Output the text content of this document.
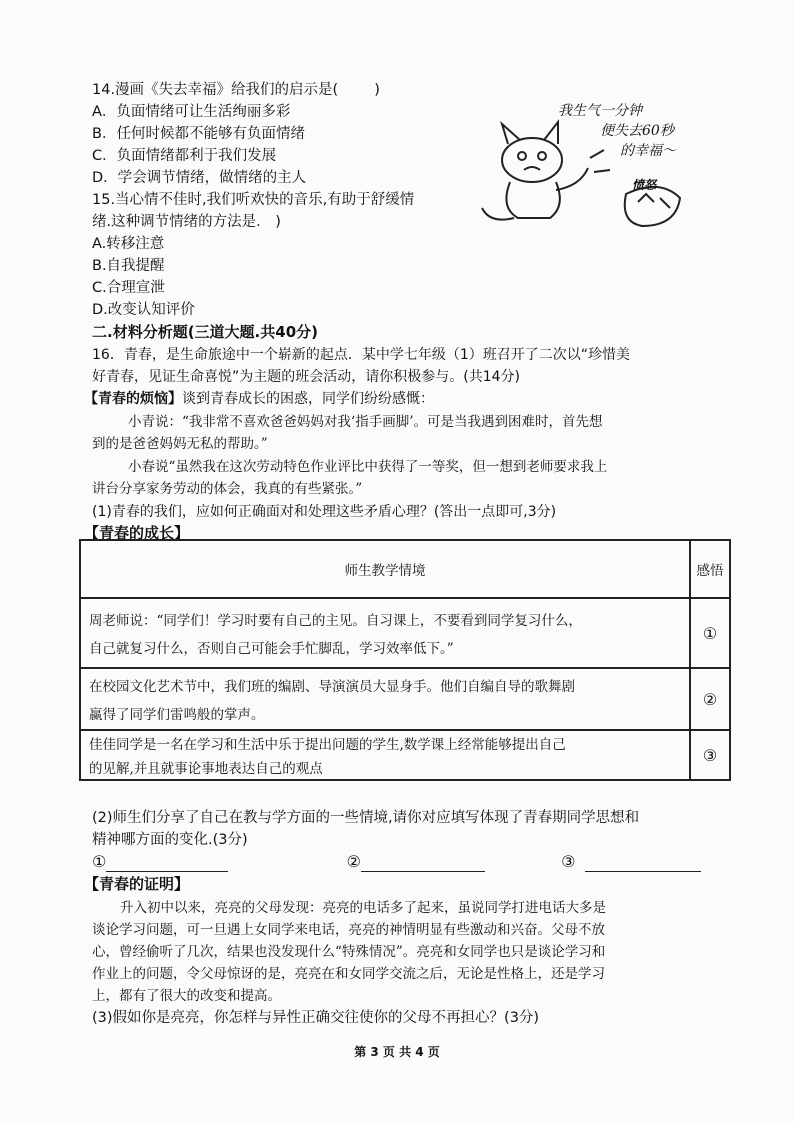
14.漫画《失去幸福》给我们的启示是( )
A．负面情绪可让生活绚丽多彩
B．任何时候都不能够有负面情绪
C．负面情绪都利于我们发展
D．学会调节情绪，做情绪的主人
我生气一分钟
便失去60秒
的幸福～
愤怒
15.当心情不佳时,我们听欢快的音乐,有助于舒缓情
绪.这种调节情绪的方法是． )
A.转移注意
B.自我提醒
C.合理宣泄
D.改变认知评价
二.材料分析题(三道大题.共40分)
16．青春，是生命旅途中一个崭新的起点．某中学七年级（1）班召开了二次以“珍惜美
好青春，见证生命喜悦”为主题的班会活动，请你积极参与。(共14分)
【青春的烦恼】谈到青春成长的困惑，同学们纷纷感慨：
小青说：“我非常不喜欢爸爸妈妈对我‘指手画脚’。可是当我遇到困难时，首先想
到的是爸爸妈妈无私的帮助。”
小春说“虽然我在这次劳动特色作业评比中获得了一等奖，但一想到老师要求我上
讲台分享家务劳动的体会，我真的有些紧张。”
(1)青春的我们，应如何正确面对和处理这些矛盾心理？(答出一点即可,3分)
【青春的成长】
师生教学情境	感悟

周老师说：“同学们！学习时要有自己的主见。自习课上，不要看到同学复习什么，
自己就复习什么，否则自己可能会手忙脚乱，学习效率低下。”	①

在校园文化艺术节中，我们班的编剧、导演演员大显身手。他们自编自导的歌舞剧
赢得了同学们雷鸣般的掌声。	②

佳佳同学是一名在学习和生活中乐于提出问题的学生,数学课上经常能够提出自己
的见解,并且就事论事地表达自己的观点	③
(2)师生们分享了自己在教与学方面的一些情境,请你对应填写体现了青春期同学思想和
精神哪方面的变化.(3分)
①	②	③
【青春的证明】
升入初中以来，亮亮的父母发现：亮亮的电话多了起来，虽说同学打进电话大多是
谈论学习问题，可一旦遇上女同学来电话，亮亮的神情明显有些激动和兴奋。父母不放
心，曾经偷听了几次，结果也没发现什么“特殊情况”。亮亮和女同学也只是谈论学习和
作业上的问题，令父母惊讶的是，亮亮在和女同学交流之后，无论是性格上，还是学习
上，都有了很大的改变和提高。
(3)假如你是亮亮，你怎样与异性正确交往使你的父母不再担心？(3分)
第 3 页 共 4 页
